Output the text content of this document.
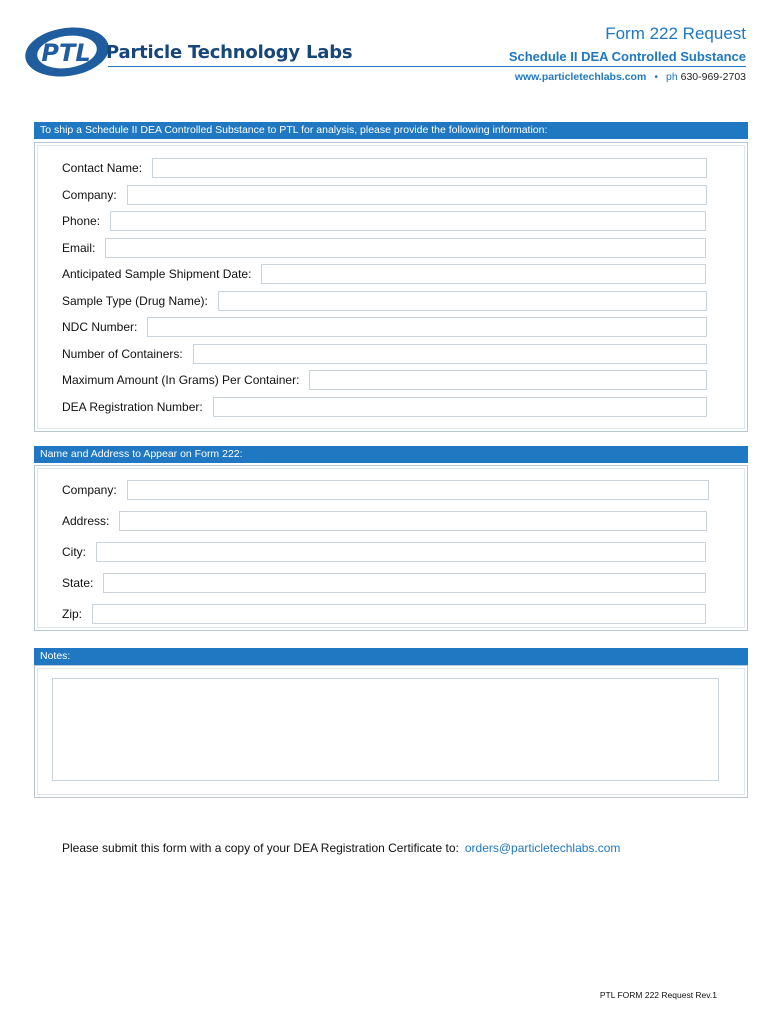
PTL Particle Technology Labs
Form 222 Request
Schedule II DEA Controlled Substance
www.particletechlabs.com • ph 630-969-2703
To ship a Schedule II DEA Controlled Substance to PTL for analysis, please provide the following information:
Contact Name:
Company:
Phone:
Email:
Anticipated Sample Shipment Date:
Sample Type (Drug Name):
NDC Number:
Number of Containers:
Maximum Amount (In Grams) Per Container:
DEA Registration Number:
Name and Address to Appear on Form 222:
Company:
Address:
City:
State:
Zip:
Notes:
Please submit this form with a copy of your DEA Registration Certificate to: orders@particletechlabs.com
PTL FORM 222 Request Rev.1
